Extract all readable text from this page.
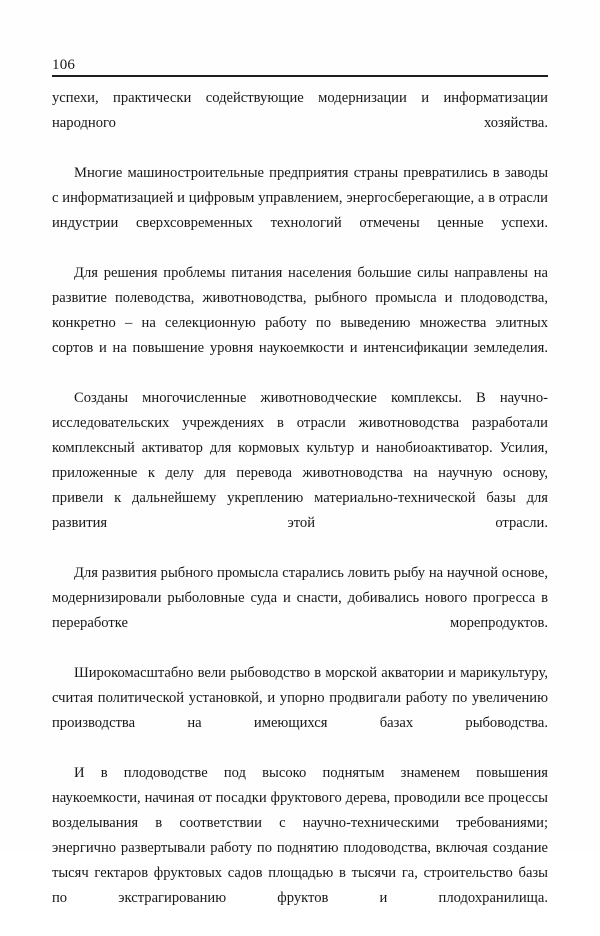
106

успехи, практически содействующие модернизации и информатизации народного хозяйства.

Многие машиностроительные предприятия страны превратились в заводы с информатизацией и цифровым управлением, энергосберегающие, а в отрасли индустрии сверхсовременных технологий отмечены ценные успехи.

Для решения проблемы питания населения большие силы направлены на развитие полеводства, животноводства, рыбного промысла и плодоводства, конкретно – на селекционную работу по выведению множества элитных сортов и на повышение уровня наукоемкости и интенсификации земледелия.

Созданы многочисленные животноводческие комплексы. В научно-исследовательских учреждениях в отрасли животноводства разработали комплексный активатор для кормовых культур и нанобиоактиватор. Усилия, приложенные к делу для перевода животноводства на научную основу, привели к дальнейшему укреплению материально-технической базы для развития этой отрасли.

Для развития рыбного промысла старались ловить рыбу на научной основе, модернизировали рыболовные суда и снасти, добивались нового прогресса в переработке морепродуктов.

Широкомасштабно вели рыбоводство в морской акватории и марикультуру, считая политической установкой, и упорно продвигали работу по увеличению производства на имеющихся базах рыбоводства.

И в плодоводстве под высоко поднятым знаменем повышения наукоемкости, начиная от посадки фруктового дерева, проводили все процессы возделывания в соответствии с научно-техническими требованиями; энергично развертывали работу по поднятию плодоводства, включая создание тысяч гектаров фруктовых садов площадью в тысячи га, строительство базы по экстрагированию фруктов и плодохранилища.
